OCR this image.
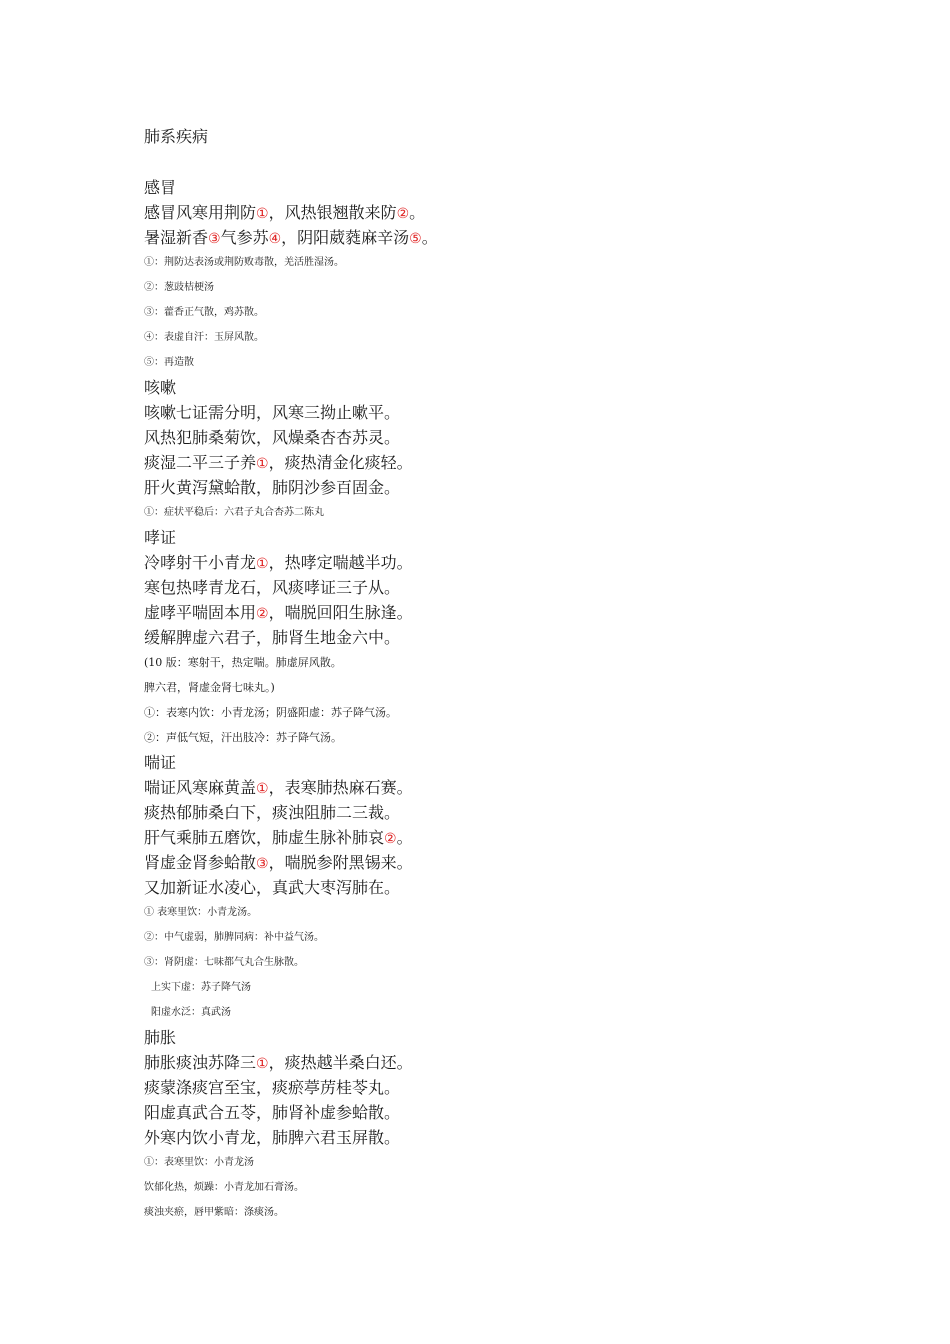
肺系疾病
感冒
感冒风寒用荆防①，风热银翘散来防②。
暑湿新香③气参苏④，阴阳葳蕤麻辛汤⑤。
①：荆防达表汤或荆防败毒散，羌活胜湿汤。
②：葱豉桔梗汤
③：藿香正气散，鸡苏散。
④：表虚自汗：玉屏风散。
⑤：再造散
咳嗽
咳嗽七证需分明，风寒三拗止嗽平。
风热犯肺桑菊饮，风燥桑杏杏苏灵。
痰湿二平三子养①，痰热清金化痰轻。
肝火黄泻黛蛤散，肺阴沙参百固金。
①：症状平稳后：六君子丸合杏苏二陈丸
哮证
冷哮射干小青龙①，热哮定喘越半功。
寒包热哮青龙石，风痰哮证三子从。
虚哮平喘固本用②，喘脱回阳生脉逢。
缓解脾虚六君子，肺肾生地金六中。
(10 版：寒射干，热定喘。肺虚屏风散。
脾六君，肾虚金肾七味丸。)
①：表寒内饮：小青龙汤；阴盛阳虚：苏子降气汤。
②：声低气短，汗出肢冷：苏子降气汤。
喘证
喘证风寒麻黄盖①，表寒肺热麻石赛。
痰热郁肺桑白下，痰浊阻肺二三裁。
肝气乘肺五磨饮，肺虚生脉补肺哀②。
肾虚金肾参蛤散③，喘脱参附黑锡来。
又加新证水凌心，真武大枣泻肺在。
① 表寒里饮：小青龙汤。
②：中气虚弱，肺脾同病：补中益气汤。
③：肾阴虚：七味都气丸合生脉散。
上实下虚：苏子降气汤
阳虚水泛：真武汤
肺胀
肺胀痰浊苏降三①，痰热越半桑白还。
痰蒙涤痰宫至宝，痰瘀葶苈桂苓丸。
阳虚真武合五苓，肺肾补虚参蛤散。
外寒内饮小青龙，肺脾六君玉屏散。
①：表寒里饮：小青龙汤
饮郁化热，烦躁：小青龙加石膏汤。
痰浊夹瘀，唇甲紫暗：涤痰汤。
